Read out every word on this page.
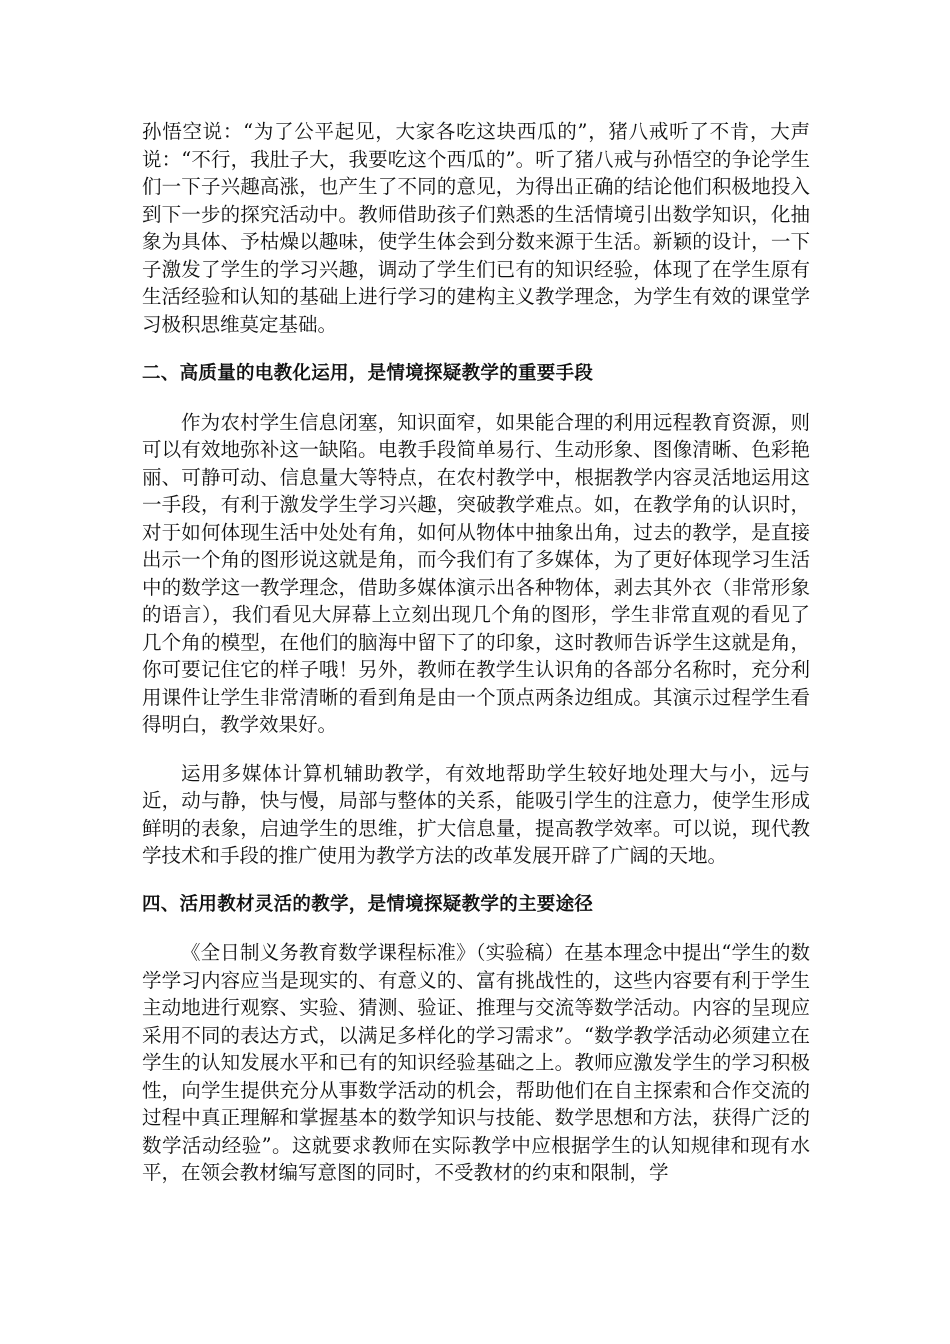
孙悟空说：“为了公平起见，大家各吃这块西瓜的”，猪八戒听了不肯，大声说：“不行，我肚子大，我要吃这个西瓜的”。听了猪八戒与孙悟空的争论学生们一下子兴趣高涨，也产生了不同的意见，为得出正确的结论他们积极地投入到下一步的探究活动中。教师借助孩子们熟悉的生活情境引出数学知识，化抽象为具体、予枯燥以趣味，使学生体会到分数来源于生活。新颖的设计，一下子激发了学生的学习兴趣，调动了学生们已有的知识经验，体现了在学生原有生活经验和认知的基础上进行学习的建构主义教学理念，为学生有效的课堂学习极积思维莫定基础。

二、高质量的电教化运用，是情境探疑教学的重要手段

作为农村学生信息闭塞，知识面窄，如果能合理的利用远程教育资源，则可以有效地弥补这一缺陷。电教手段简单易行、生动形象、图像清晰、色彩艳丽、可静可动、信息量大等特点，在农村教学中，根据教学内容灵活地运用这一手段，有利于激发学生学习兴趣，突破教学难点。如，在教学角的认识时，对于如何体现生活中处处有角，如何从物体中抽象出角，过去的教学，是直接出示一个角的图形说这就是角，而今我们有了多媒体，为了更好体现学习生活中的数学这一教学理念，借助多媒体演示出各种物体，剥去其外衣（非常形象的语言），我们看见大屏幕上立刻出现几个角的图形，学生非常直观的看见了几个角的模型，在他们的脑海中留下了的印象，这时教师告诉学生这就是角，你可要记住它的样子哦！另外，教师在教学生认识角的各部分名称时，充分利用课件让学生非常清晰的看到角是由一个顶点两条边组成。其演示过程学生看得明白，教学效果好。

运用多媒体计算机辅助教学，有效地帮助学生较好地处理大与小，远与近，动与静，快与慢，局部与整体的关系，能吸引学生的注意力，使学生形成鲜明的表象，启迪学生的思维，扩大信息量，提高教学效率。可以说，现代教学技术和手段的推广使用为教学方法的改革发展开辟了广阔的天地。

四、活用教材灵活的教学，是情境探疑教学的主要途径

《全日制义务教育数学课程标准》（实验稿）在基本理念中提出“学生的数学学习内容应当是现实的、有意义的、富有挑战性的，这些内容要有利于学生主动地进行观察、实验、猜测、验证、推理与交流等数学活动。内容的呈现应采用不同的表达方式，以满足多样化的学习需求”。“数学教学活动必须建立在学生的认知发展水平和已有的知识经验基础之上。教师应激发学生的学习积极性，向学生提供充分从事数学活动的机会，帮助他们在自主探索和合作交流的过程中真正理解和掌握基本的数学知识与技能、数学思想和方法，获得广泛的数学活动经验”。这就要求教师在实际教学中应根据学生的认知规律和现有水平，在领会教材编写意图的同时，不受教材的约束和限制，学
